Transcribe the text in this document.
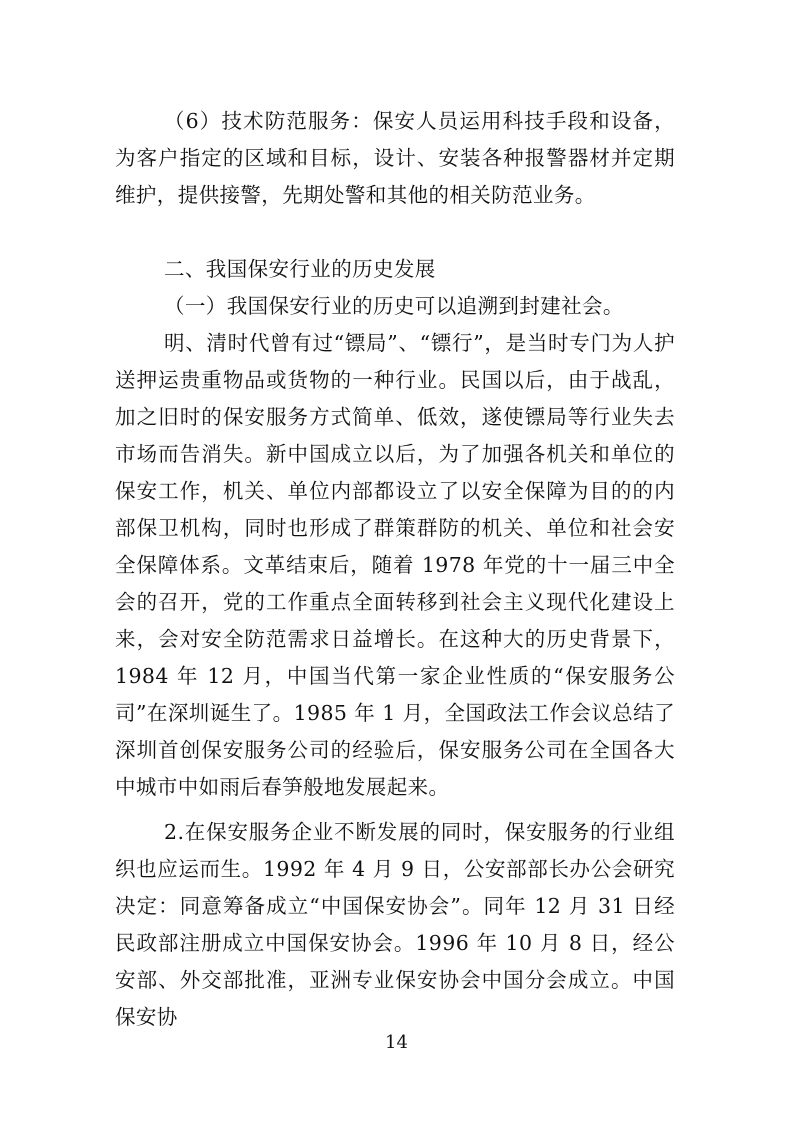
（6）技术防范服务：保安人员运用科技手段和设备，为客户指定的区域和目标，设计、安装各种报警器材并定期维护，提供接警，先期处警和其他的相关防范业务。

二、我国保安行业的历史发展

（一）我国保安行业的历史可以追溯到封建社会。

明、清时代曾有过“镖局”、“镖行”，是当时专门为人护送押运贵重物品或货物的一种行业。民国以后，由于战乱，加之旧时的保安服务方式简单、低效，遂使镖局等行业失去市场而告消失。新中国成立以后，为了加强各机关和单位的保安工作，机关、单位内部都设立了以安全保障为目的的内部保卫机构，同时也形成了群策群防的机关、单位和社会安全保障体系。文革结束后，随着 1978 年党的十一届三中全会的召开，党的工作重点全面转移到社会主义现代化建设上来，会对安全防范需求日益增长。在这种大的历史背景下，1984 年 12 月，中国当代第一家企业性质的“保安服务公司”在深圳诞生了。1985 年 1 月，全国政法工作会议总结了深圳首创保安服务公司的经验后，保安服务公司在全国各大中城市中如雨后春笋般地发展起来。

2.在保安服务企业不断发展的同时，保安服务的行业组织也应运而生。1992 年 4 月 9 日，公安部部长办公会研究决定：同意筹备成立“中国保安协会”。同年 12 月 31 日经民政部注册成立中国保安协会。1996 年 10 月 8 日，经公安部、外交部批准，亚洲专业保安协会中国分会成立。中国保安协

14
